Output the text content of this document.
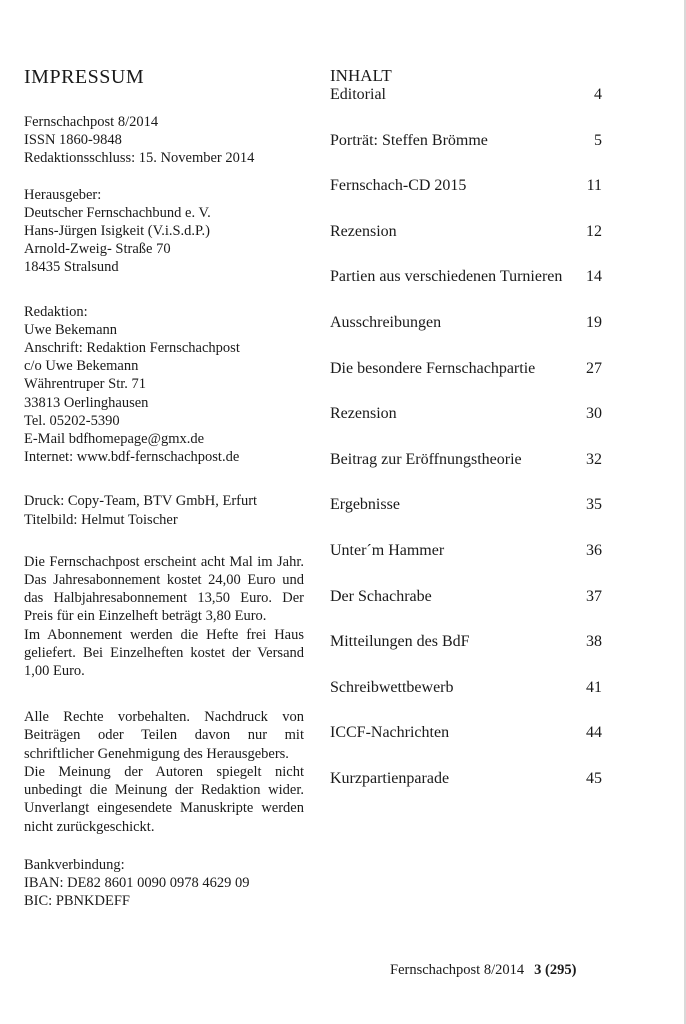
IMPRESSUM
Fernschachpost 8/2014
ISSN 1860-9848
Redaktionsschluss: 15. November 2014
Herausgeber:
Deutscher Fernschachbund e. V.
Hans-Jürgen Isigkeit (V.i.S.d.P.)
Arnold-Zweig- Straße 70
18435 Stralsund
Redaktion:
Uwe Bekemann
Anschrift: Redaktion Fernschachpost
c/o Uwe Bekemann
Währentruper Str. 71
33813 Oerlinghausen
Tel. 05202-5390
E-Mail bdfhomepage@gmx.de
Internet: www.bdf-fernschachpost.de
Druck: Copy-Team, BTV GmbH, Erfurt
Titelbild: Helmut Toischer
Die Fernschachpost erscheint acht Mal im Jahr. Das Jahresabonnement kostet 24,00 Euro und das Halbjahresabonnement 13,50 Euro. Der Preis für ein Einzelheft beträgt 3,80 Euro.
Im Abonnement werden die Hefte frei Haus geliefert. Bei Einzelheften kostet der Versand 1,00 Euro.
Alle Rechte vorbehalten. Nachdruck von Beiträgen oder Teilen davon nur mit schriftlicher Genehmigung des Herausgebers.
Die Meinung der Autoren spiegelt nicht unbedingt die Meinung der Redaktion wider. Unverlangt eingesendete Manuskripte werden nicht zurückgeschickt.
Bankverbindung:
IBAN: DE82 8601 0090 0978 4629 09
BIC: PBNKDEFF
INHALT
Editorial	4
Porträt: Steffen Brömme	5
Fernschach-CD 2015	11
Rezension	12
Partien aus verschiedenen Turnieren 14
Ausschreibungen	19
Die besondere Fernschachpartie	27
Rezension	30
Beitrag zur Eröffnungstheorie	32
Ergebnisse	35
Unter´m Hammer	36
Der Schachrabe	37
Mitteilungen des BdF	38
Schreibwettbewerb	41
ICCF-Nachrichten	44
Kurzpartienparade	45
Fernschachpost 8/2014 3 (295)
